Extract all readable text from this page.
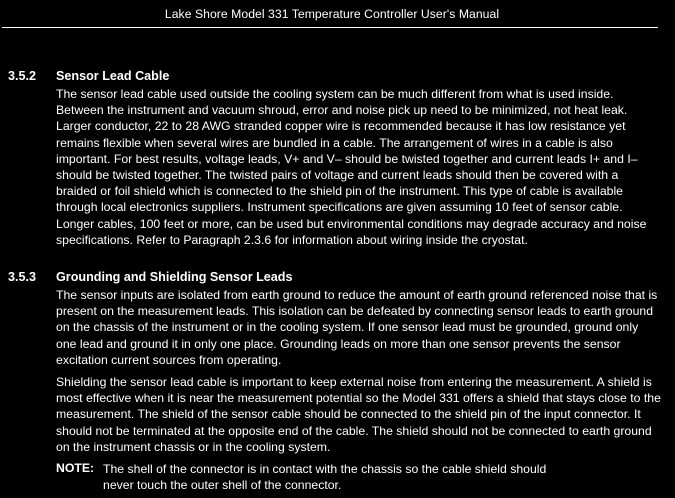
Lake Shore Model 331 Temperature Controller User's Manual
3.5.2 Sensor Lead Cable

The sensor lead cable used outside the cooling system can be much different from what is used inside. Between the instrument and vacuum shroud, error and noise pick up need to be minimized, not heat leak. Larger conductor, 22 to 28 AWG stranded copper wire is recommended because it has low resistance yet remains flexible when several wires are bundled in a cable. The arrangement of wires in a cable is also important. For best results, voltage leads, V+ and V– should be twisted together and current leads I+ and I– should be twisted together. The twisted pairs of voltage and current leads should then be covered with a braided or foil shield which is connected to the shield pin of the instrument. This type of cable is available through local electronics suppliers. Instrument specifications are given assuming 10 feet of sensor cable. Longer cables, 100 feet or more, can be used but environmental conditions may degrade accuracy and noise specifications. Refer to Paragraph 2.3.6 for information about wiring inside the cryostat.

3.5.3 Grounding and Shielding Sensor Leads

The sensor inputs are isolated from earth ground to reduce the amount of earth ground referenced noise that is present on the measurement leads. This isolation can be defeated by connecting sensor leads to earth ground on the chassis of the instrument or in the cooling system. If one sensor lead must be grounded, ground only one lead and ground it in only one place. Grounding leads on more than one sensor prevents the sensor excitation current sources from operating.

Shielding the sensor lead cable is important to keep external noise from entering the measurement. A shield is most effective when it is near the measurement potential so the Model 331 offers a shield that stays close to the measurement. The shield of the sensor cable should be connected to the shield pin of the input connector. It should not be terminated at the opposite end of the cable. The shield should not be connected to earth ground on the instrument chassis or in the cooling system.

NOTE: The shell of the connector is in contact with the chassis so the cable shield should never touch the outer shell of the connector.
